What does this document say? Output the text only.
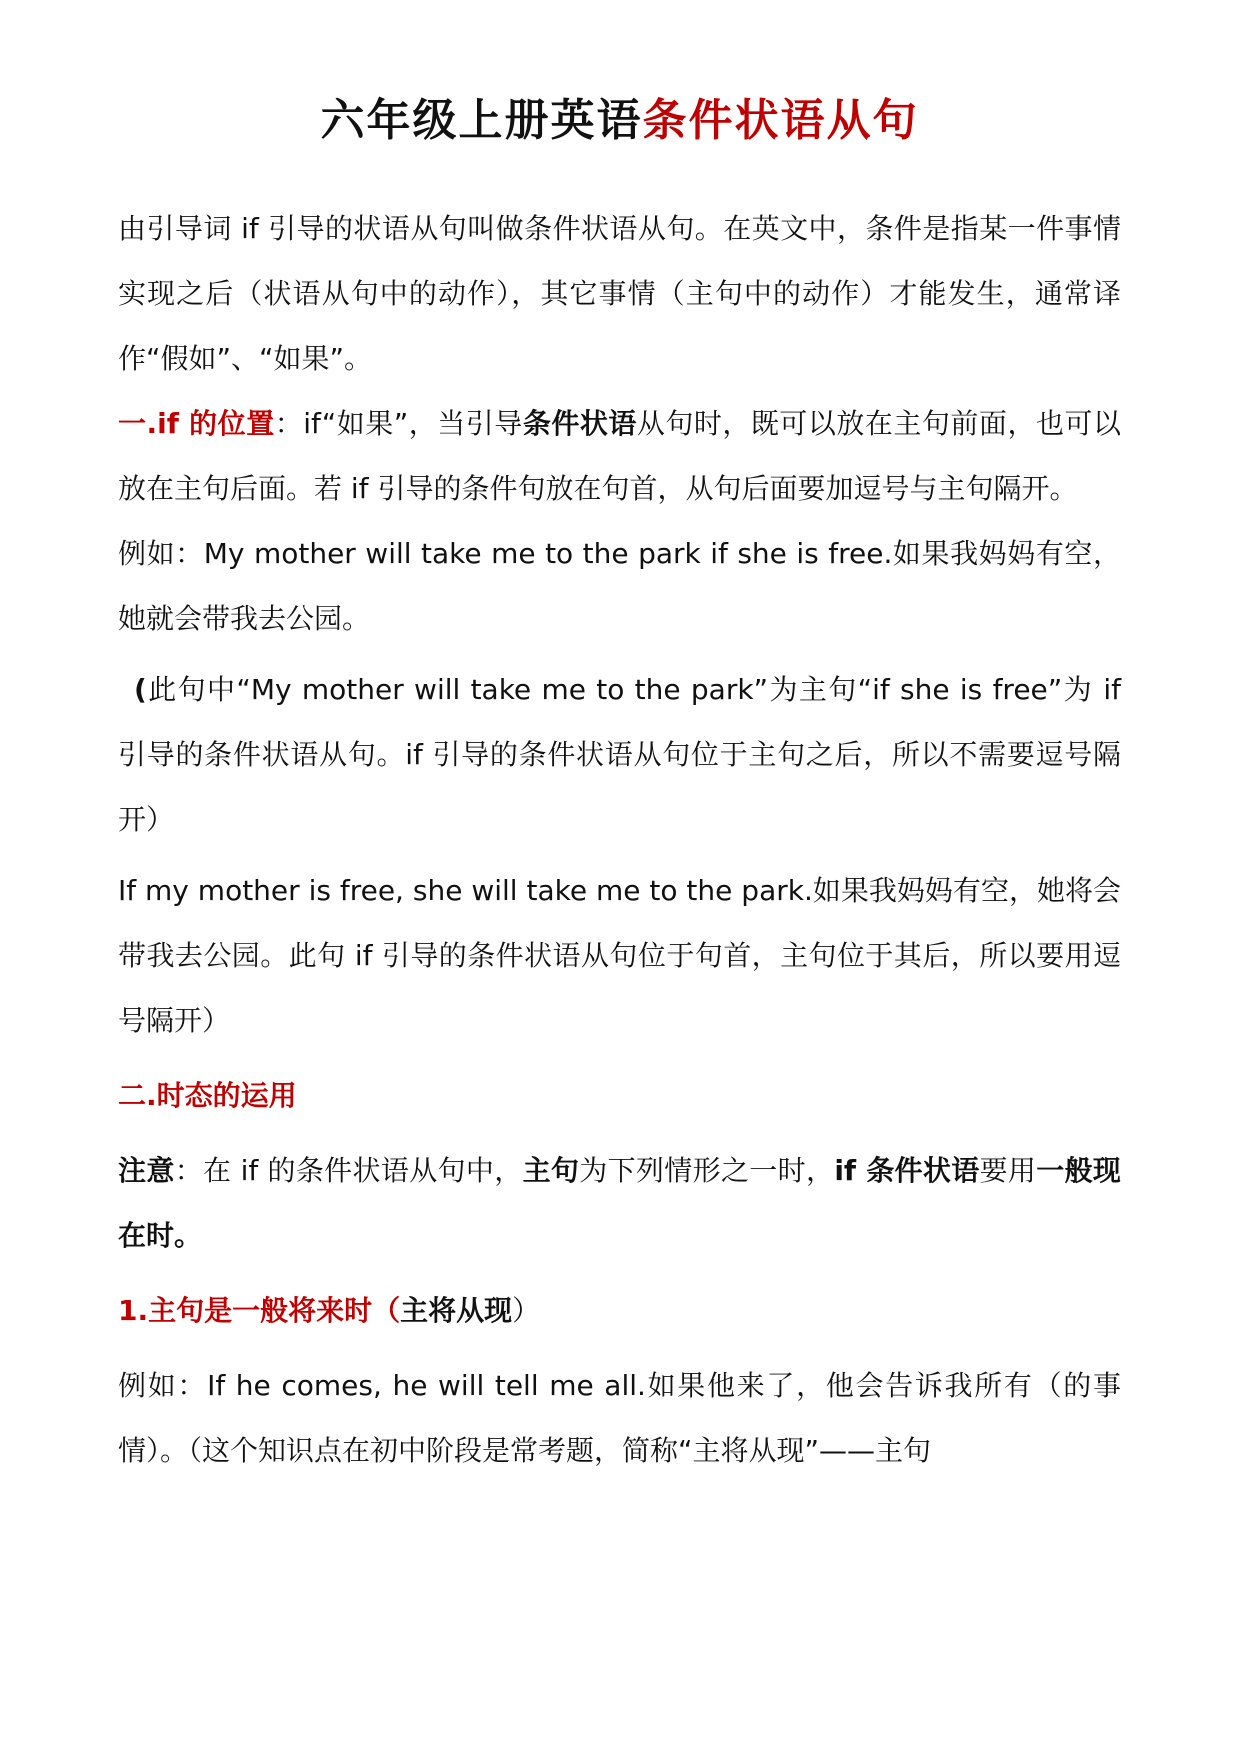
六年级上册英语条件状语从句

由引导词 if 引导的状语从句叫做条件状语从句。在英文中，条件是指某一件事情实现之后（状语从句中的动作），其它事情（主句中的动作）才能发生，通常译作“假如”、“如果”。

一.if 的位置：if“如果”，当引导条件状语从句时，既可以放在主句前面，也可以放在主句后面。若 if 引导的条件句放在句首，从句后面要加逗号与主句隔开。

例如：My mother will take me to the park if she is free.如果我妈妈有空，她就会带我去公园。

(此句中“My mother will take me to the park”为主句“if she is free”为 if 引导的条件状语从句。if 引导的条件状语从句位于主句之后，所以不需要逗号隔开）

If my mother is free, she will take me to the park.如果我妈妈有空，她将会带我去公园。此句 if 引导的条件状语从句位于句首，主句位于其后，所以要用逗号隔开）

二.时态的运用

注意：在 if 的条件状语从句中，主句为下列情形之一时，if 条件状语要用一般现在时。

1.主句是一般将来时（主将从现）

例如：If he comes, he will tell me all.如果他来了，他会告诉我所有（的事情）。（这个知识点在初中阶段是常考题，简称“主将从现”——主句
